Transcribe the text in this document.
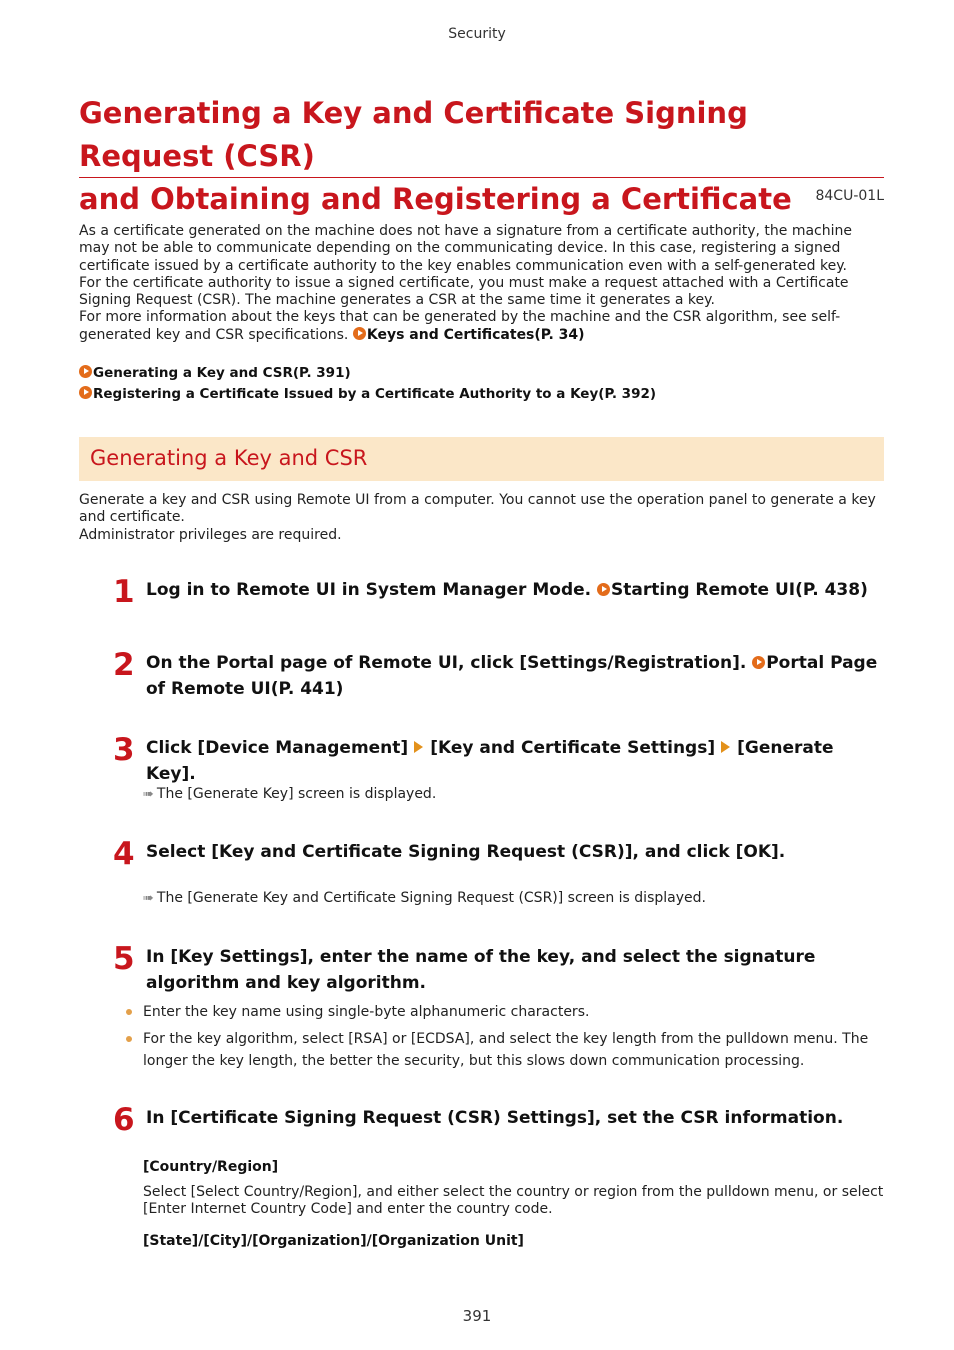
Security
Generating a Key and Certificate Signing Request (CSR)
and Obtaining and Registering a Certificate	84CU-01L
As a certificate generated on the machine does not have a signature from a certificate authority, the machine may not be able to communicate depending on the communicating device. In this case, registering a signed certificate issued by a certificate authority to the key enables communication even with a self-generated key.
For the certificate authority to issue a signed certificate, you must make a request attached with a Certificate Signing Request (CSR). The machine generates a CSR at the same time it generates a key.
For more information about the keys that can be generated by the machine and the CSR algorithm, see self-generated key and CSR specifications. Keys and Certificates(P. 34)
Generating a Key and CSR(P. 391)
Registering a Certificate Issued by a Certificate Authority to a Key(P. 392)
Generating a Key and CSR
Generate a key and CSR using Remote UI from a computer. You cannot use the operation panel to generate a key and certificate.
Administrator privileges are required.
1 Log in to Remote UI in System Manager Mode. Starting Remote UI(P. 438)
2 On the Portal page of Remote UI, click [Settings/Registration]. Portal Page of Remote UI(P. 441)
3 Click [Device Management] [Key and Certificate Settings] [Generate Key].
➠ The [Generate Key] screen is displayed.
4 Select [Key and Certificate Signing Request (CSR)], and click [OK].
➠ The [Generate Key and Certificate Signing Request (CSR)] screen is displayed.
5 In [Key Settings], enter the name of the key, and select the signature algorithm and key algorithm.
Enter the key name using single-byte alphanumeric characters.
For the key algorithm, select [RSA] or [ECDSA], and select the key length from the pulldown menu. The longer the key length, the better the security, but this slows down communication processing.
6 In [Certificate Signing Request (CSR) Settings], set the CSR information.
[Country/Region]
Select [Select Country/Region], and either select the country or region from the pulldown menu, or select [Enter Internet Country Code] and enter the country code.
[State]/[City]/[Organization]/[Organization Unit]
391
